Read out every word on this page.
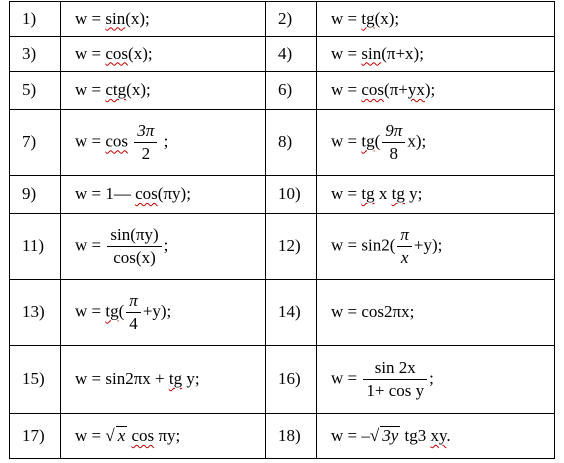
1)	w = sin(x);	2)	w = tg(x);
3)	w = cos(x);	4)	w = sin(π+x);
5)	w = ctg(x);	6)	w = cos(π+yx);
7)	$w = \cos \frac{3\pi}{2}$ ;	8)	$w = tg( \frac{9\pi}{8} x)$;
9)	w = 1— cos(πy);	10)	w = tg x tg y;
11)	$w = \frac{\sin(\pi y)}{\cos(x)}$ ;	12)	$w = \sin 2( \frac{\pi}{x} +y)$;
13)	$w = tg( \frac{\pi}{4} +y)$;	14)	w = cos2πx;
15)	w = sin2πx + tg y;	16)	$w = \frac{\sin 2x}{\text{1+ cos y}}$ ;
17)	w = √ x cos πy;	18)	w = –√ 3y tg3 xy.
